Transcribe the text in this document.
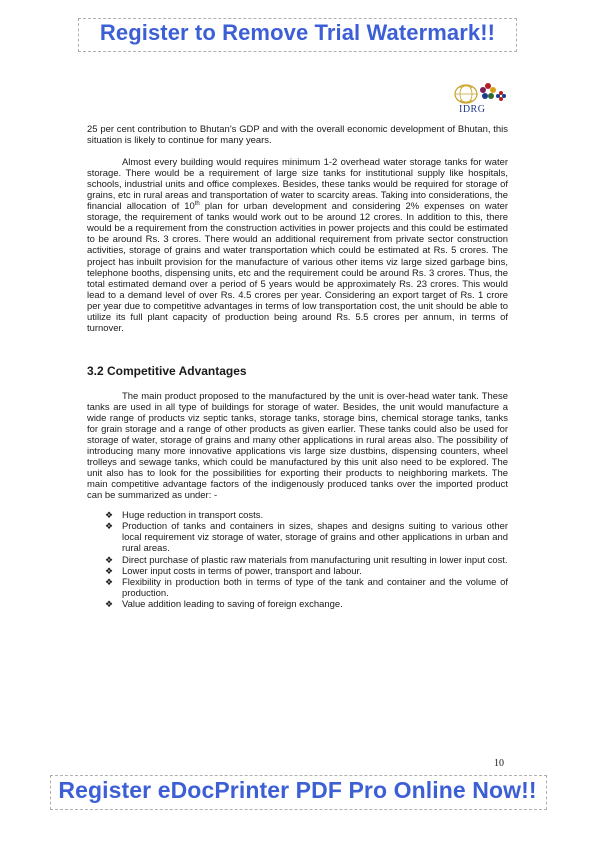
Register to Remove Trial Watermark!!
IDRG

25 per cent contribution to Bhutan’s GDP and with the overall economic development of Bhutan, this situation is likely to continue for many years.

Almost every building would requires minimum 1-2 overhead water storage tanks for water storage. There would be a requirement of large size tanks for institutional supply like hospitals, schools, industrial units and office complexes. Besides, these tanks would be required for storage of grains, etc in rural areas and transportation of water to scarcity areas. Taking into considerations, the financial allocation of 10th plan for urban development and considering 2% expenses on water storage, the requirement of tanks would work out to be around 12 crores. In addition to this, there would be a requirement from the construction activities in power projects and this could be estimated to be around Rs. 3 crores. There would an additional requirement from private sector construction activities, storage of grains and water transportation which could be estimated at Rs. 5 crores. The project has inbuilt provision for the manufacture of various other items viz large sized garbage bins, telephone booths, dispensing units, etc and the requirement could be around Rs. 3 crores. Thus, the total estimated demand over a period of 5 years would be approximately Rs. 23 crores. This would lead to a demand level of over Rs. 4.5 crores per year. Considering an export target of Rs. 1 crore per year due to competitive advantages in terms of low transportation cost, the unit should be able to utilize its full plant capacity of production being around Rs. 5.5 crores per annum, in terms of turnover.

3.2 Competitive Advantages

The main product proposed to the manufactured by the unit is over-head water tank. These tanks are used in all type of buildings for storage of water. Besides, the unit would manufacture a wide range of products viz septic tanks, storage tanks, storage bins, chemical storage tanks, tanks for grain storage and a range of other products as given earlier. These tanks could also be used for storage of water, storage of grains and many other applications in rural areas also. The possibility of introducing many more innovative applications vis large size dustbins, dispensing counters, wheel trolleys and sewage tanks, which could be manufactured by this unit also need to be explored. The unit also has to look for the possibilities for exporting their products to neighboring markets. The main competitive advantage factors of the indigenously produced tanks over the imported product can be summarized as under: -

❖ Huge reduction in transport costs.
❖ Production of tanks and containers in sizes, shapes and designs suiting to various other local requirement viz storage of water, storage of grains and other applications in urban and rural areas.
❖ Direct purchase of plastic raw materials from manufacturing unit resulting in lower input cost.
❖ Lower input costs in terms of power, transport and labour.
❖ Flexibility in production both in terms of type of the tank and container and the volume of production.
❖ Value addition leading to saving of foreign exchange.
10
Register eDocPrinter PDF Pro Online Now!!
